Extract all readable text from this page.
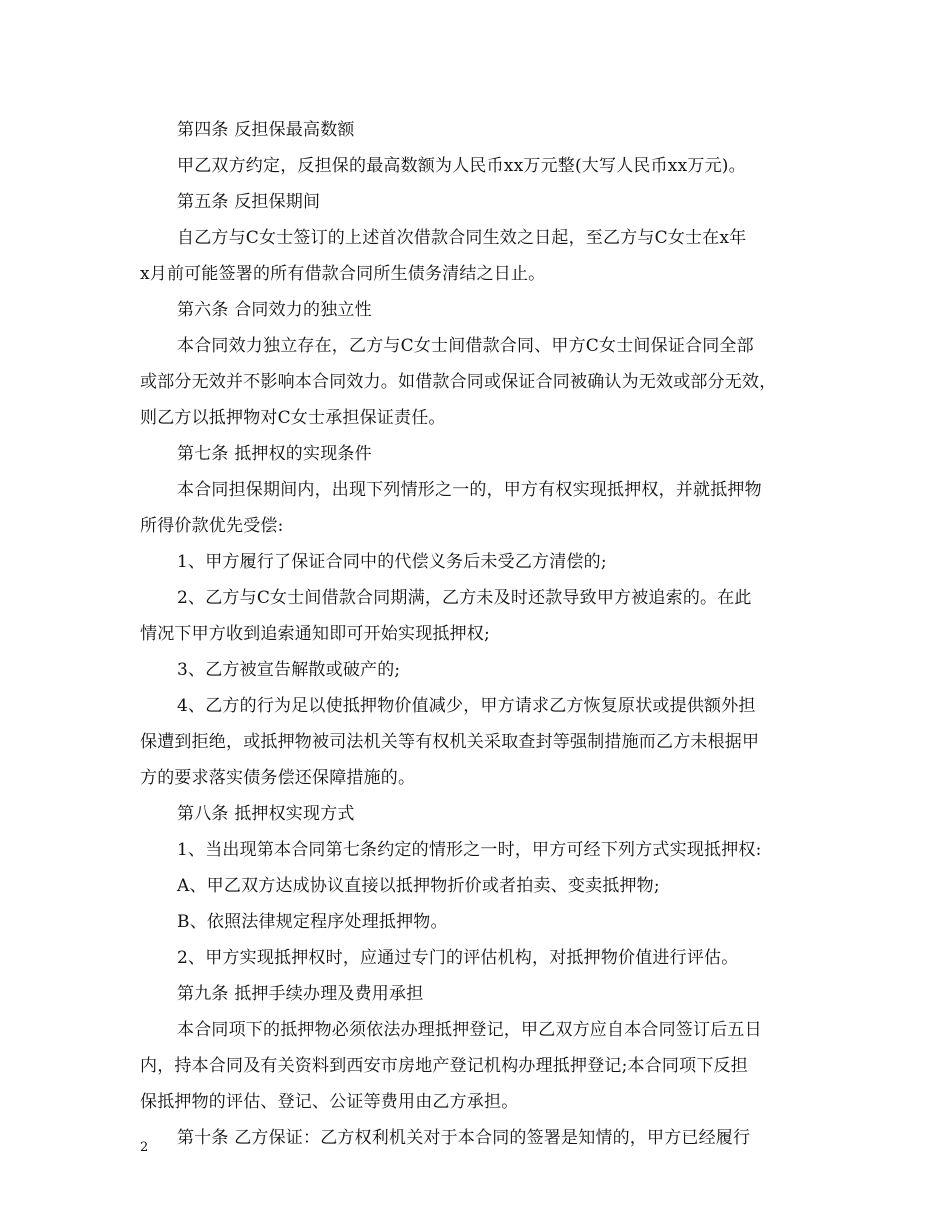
第四条 反担保最高数额
甲乙双方约定，反担保的最高数额为人民币xx万元整(大写人民币xx万元)。
第五条 反担保期间
自乙方与C女士签订的上述首次借款合同生效之日起，至乙方与C女士在x年
x月前可能签署的所有借款合同所生债务清结之日止。
第六条 合同效力的独立性
本合同效力独立存在，乙方与C女士间借款合同、甲方C女士间保证合同全部
或部分无效并不影响本合同效力。如借款合同或保证合同被确认为无效或部分无效，
则乙方以抵押物对C女士承担保证责任。
第七条 抵押权的实现条件
本合同担保期间内，出现下列情形之一的，甲方有权实现抵押权，并就抵押物
所得价款优先受偿:
1、甲方履行了保证合同中的代偿义务后未受乙方清偿的;
2、乙方与C女士间借款合同期满，乙方未及时还款导致甲方被追索的。在此
情况下甲方收到追索通知即可开始实现抵押权;
3、乙方被宣告解散或破产的;
4、乙方的行为足以使抵押物价值减少，甲方请求乙方恢复原状或提供额外担
保遭到拒绝，或抵押物被司法机关等有权机关采取查封等强制措施而乙方未根据甲
方的要求落实债务偿还保障措施的。
第八条 抵押权实现方式
1、当出现第本合同第七条约定的情形之一时，甲方可经下列方式实现抵押权:
A、甲乙双方达成协议直接以抵押物折价或者拍卖、变卖抵押物;
B、依照法律规定程序处理抵押物。
2、甲方实现抵押权时，应通过专门的评估机构，对抵押物价值进行评估。
第九条 抵押手续办理及费用承担
本合同项下的抵押物必须依法办理抵押登记，甲乙双方应自本合同签订后五日
内，持本合同及有关资料到西安市房地产登记机构办理抵押登记;本合同项下反担
保抵押物的评估、登记、公证等费用由乙方承担。
第十条 乙方保证：乙方权利机关对于本合同的签署是知情的，甲方已经履行
2
